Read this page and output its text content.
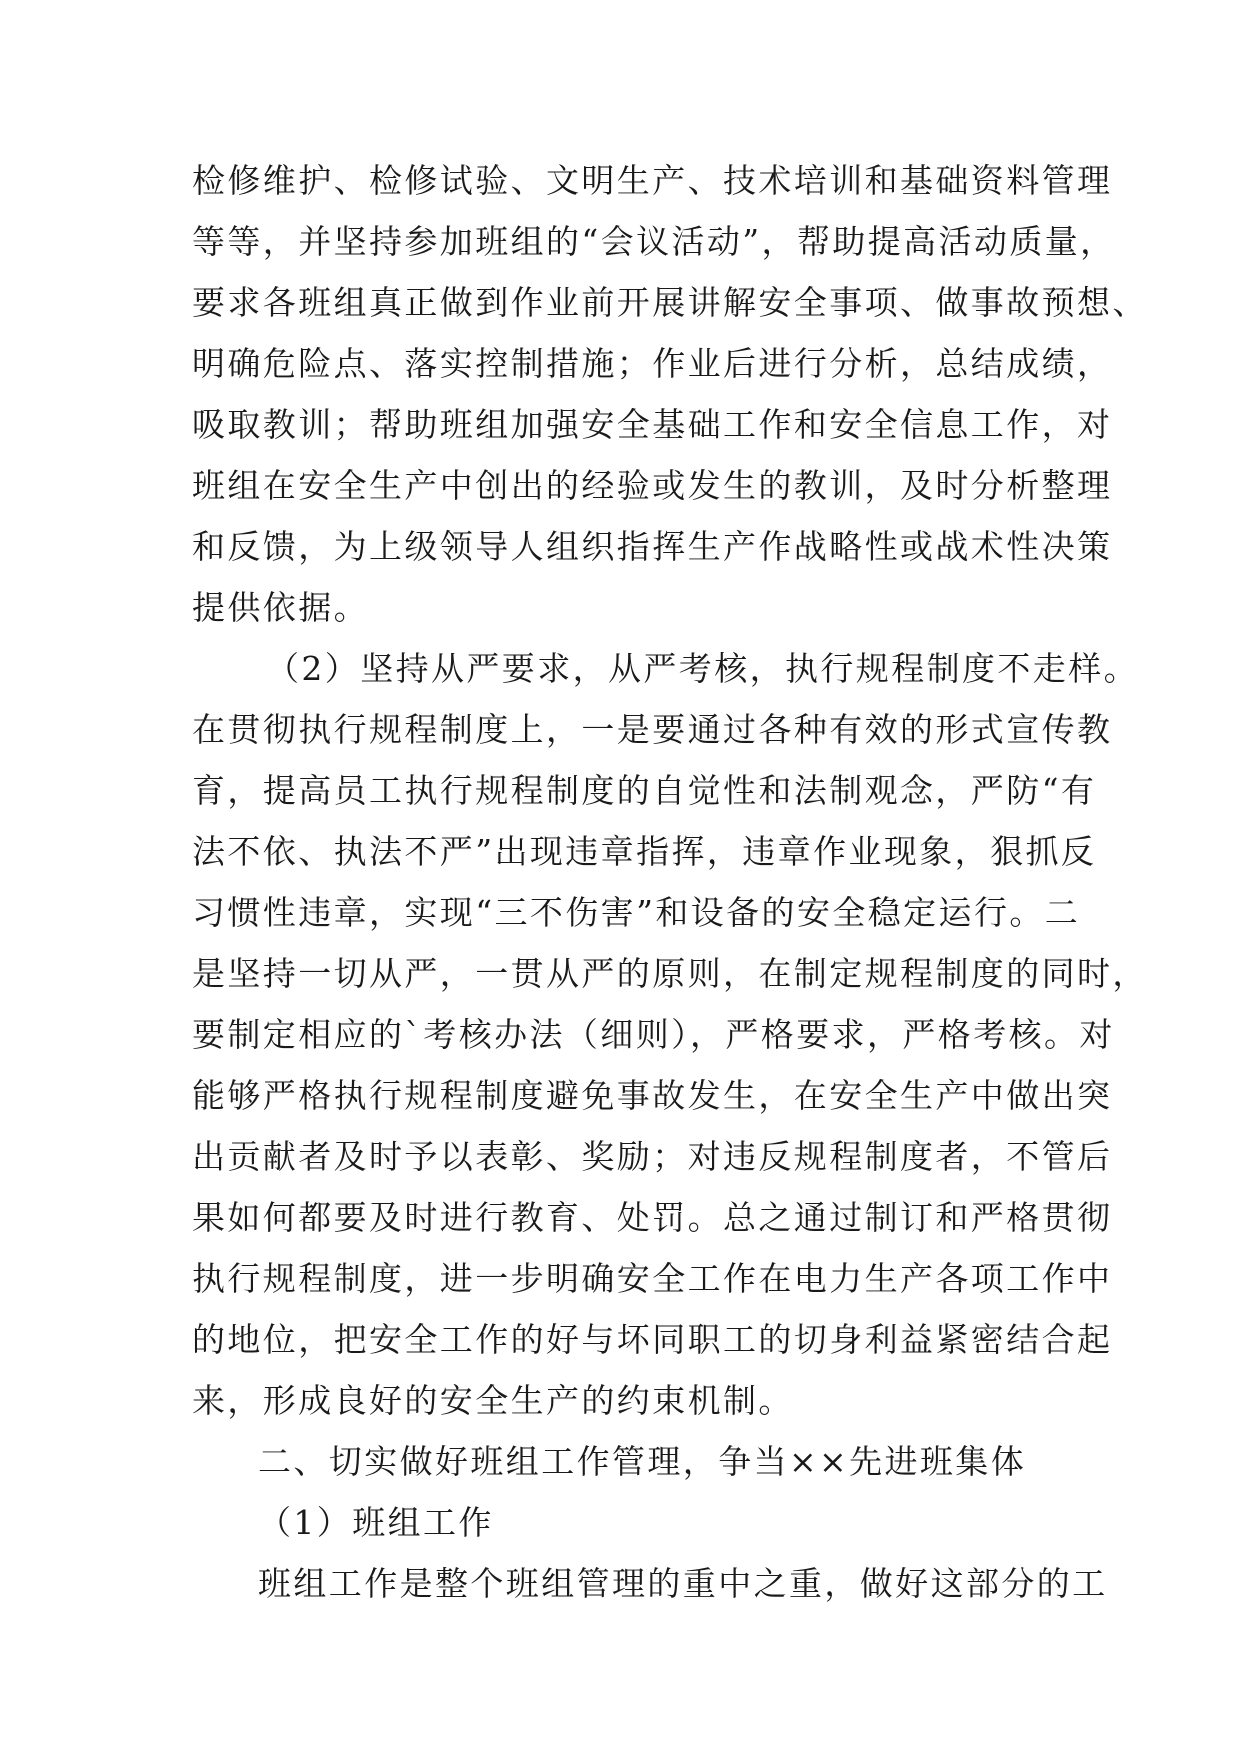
检修维护、检修试验、文明生产、技术培训和基础资料管理
等等，并坚持参加班组的“会议活动”，帮助提高活动质量，
要求各班组真正做到作业前开展讲解安全事项、做事故预想、
明确危险点、落实控制措施；作业后进行分析，总结成绩，
吸取教训；帮助班组加强安全基础工作和安全信息工作，对
班组在安全生产中创出的经验或发生的教训，及时分析整理
和反馈，为上级领导人组织指挥生产作战略性或战术性决策
提供依据。
（2）坚持从严要求，从严考核，执行规程制度不走样。
在贯彻执行规程制度上，一是要通过各种有效的形式宣传教
育，提高员工执行规程制度的自觉性和法制观念，严防“有
法不依、执法不严”出现违章指挥，违章作业现象，狠抓反
习惯性违章，实现“三不伤害”和设备的安全稳定运行。二
是坚持一切从严，一贯从严的原则，在制定规程制度的同时，
要制定相应的`考核办法（细则），严格要求，严格考核。对
能够严格执行规程制度避免事故发生，在安全生产中做出突
出贡献者及时予以表彰、奖励；对违反规程制度者，不管后
果如何都要及时进行教育、处罚。总之通过制订和严格贯彻
执行规程制度，进一步明确安全工作在电力生产各项工作中
的地位，把安全工作的好与坏同职工的切身利益紧密结合起
来，形成良好的安全生产的约束机制。
二、切实做好班组工作管理，争当××先进班集体
（1）班组工作
班组工作是整个班组管理的重中之重，做好这部分的工
